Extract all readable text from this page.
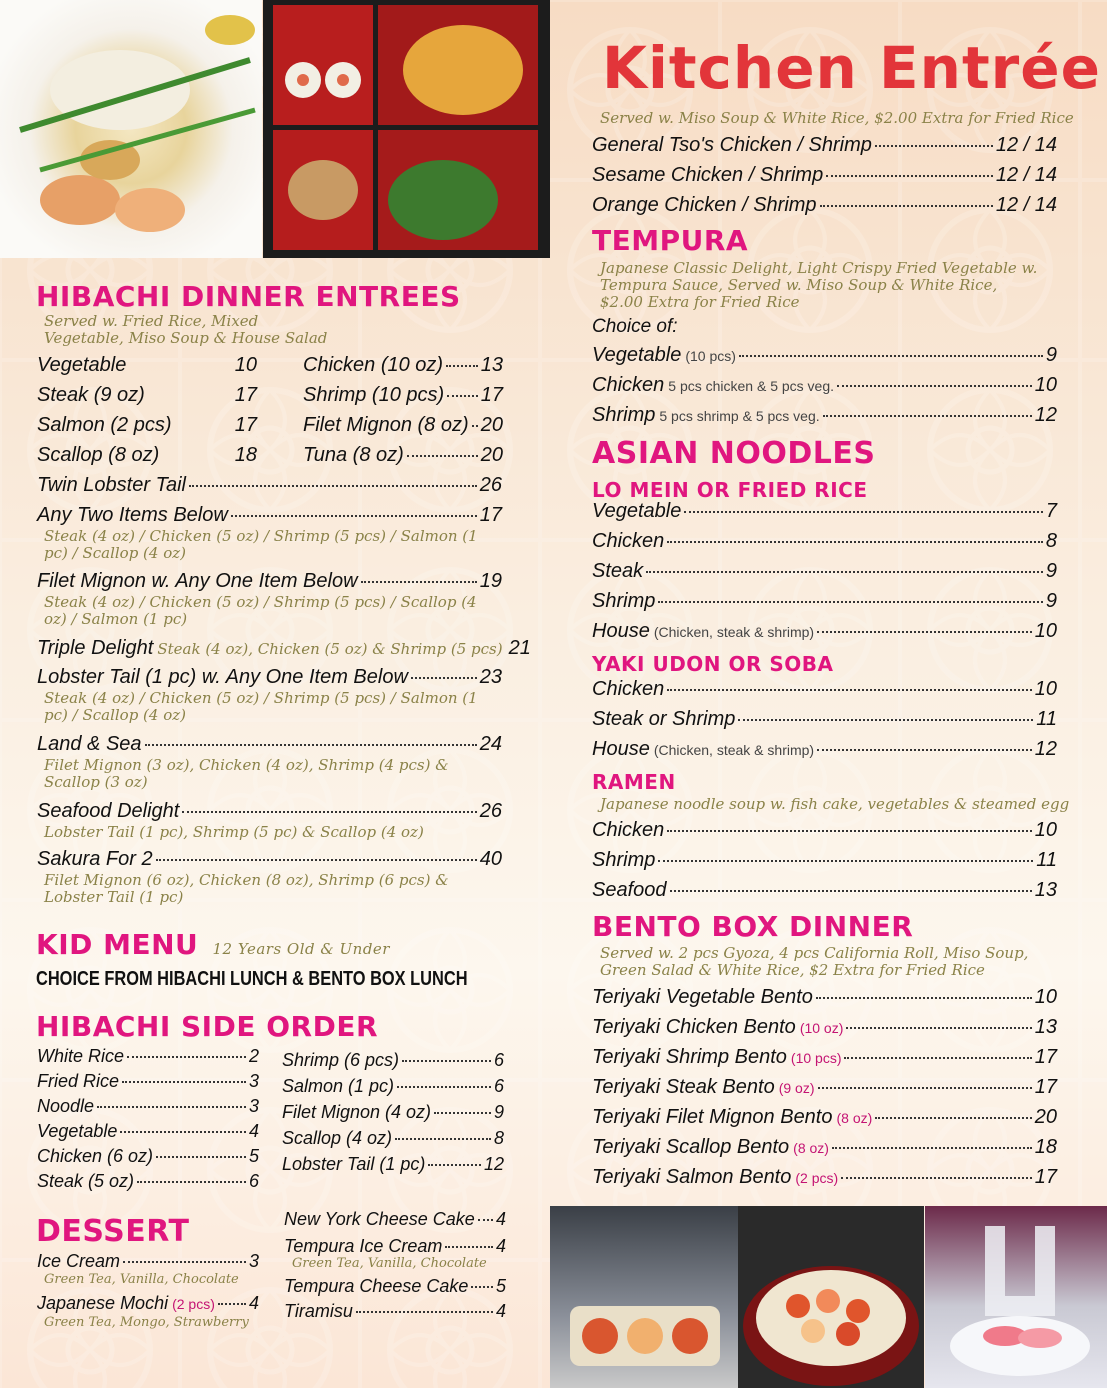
Kitchen Entrée
Served w. Miso Soup & White Rice, $2.00 Extra for Fried Rice
General Tso's Chicken / Shrimp	12 / 14
Sesame Chicken / Shrimp	12 / 14
Orange Chicken / Shrimp	12 / 14
TEMPURA
Japanese Classic Delight, Light Crispy Fried Vegetable w. Tempura Sauce, Served w. Miso Soup & White Rice, $2.00 Extra for Fried Rice
Choice of:
Vegetable (10 pcs)	9
Chicken 5 pcs chicken & 5 pcs veg.	10
Shrimp 5 pcs shrimp & 5 pcs veg.	12
ASIAN NOODLES
LO MEIN OR FRIED RICE
Vegetable	7
Chicken	8
Steak	9
Shrimp	9
House (Chicken, steak & shrimp)	10
YAKI UDON OR SOBA
Chicken	10
Steak or Shrimp	11
House (Chicken, steak & shrimp)	12
RAMEN
Japanese noodle soup w. fish cake, vegetables & steamed egg
Chicken	10
Shrimp	11
Seafood	13
BENTO BOX DINNER
Served w. 2 pcs Gyoza, 4 pcs California Roll, Miso Soup, Green Salad & White Rice, $2 Extra for Fried Rice
Teriyaki Vegetable Bento	10
Teriyaki Chicken Bento (10 oz)	13
Teriyaki Shrimp Bento (10 pcs)	17
Teriyaki Steak Bento (9 oz)	17
Teriyaki Filet Mignon Bento (8 oz)	20
Teriyaki Scallop Bento (8 oz)	18
Teriyaki Salmon Bento (2 pcs)	17
HIBACHI DINNER ENTREES
Served w. Fried Rice, Mixed Vegetable, Miso Soup & House Salad
Vegetable	10
Steak (9 oz)	17
Salmon (2 pcs)	17
Scallop (8 oz)	18
Chicken (10 oz) 13
Shrimp (10 pcs) 17
Filet Mignon (8 oz) 20
Tuna (8 oz)	20
Twin Lobster Tail	26
Any Two Items Below	17
Steak (4 oz) / Chicken (5 oz) / Shrimp (5 pcs) / Salmon (1 pc) / Scallop (4 oz)
Filet Mignon w. Any One Item Below	19
Steak (4 oz) / Chicken (5 oz) / Shrimp (5 pcs) / Scallop (4 oz) / Salmon (1 pc)
Lobster Tail (1 pc) w. Any One Item Below	23
Steak (4 oz) / Chicken (5 oz) / Shrimp (5 pcs) / Salmon (1 pc) / Scallop (4 oz)
Land & Sea	24
Filet Mignon (3 oz), Chicken (4 oz), Shrimp (4 pcs) & Scallop (3 oz)
Seafood Delight	26
Lobster Tail (1 pc), Shrimp (5 pc) & Scallop (4 oz)
Sakura For 2	40
Filet Mignon (6 oz), Chicken (8 oz), Shrimp (6 pcs) & Lobster Tail (1 pc)
Triple Delight Steak (4 oz), Chicken (5 oz) & Shrimp (5 pcs) 21
KID MENU 12 Years Old & Under
CHOICE FROM HIBACHI LUNCH & BENTO BOX LUNCH
HIBACHI SIDE ORDER
White Rice	2
Fried Rice	3
Noodle	3
Vegetable	4
Chicken (6 oz)	5
Steak (5 oz)	6
Shrimp (6 pcs)	6
Salmon (1 pc)	6
Filet Mignon (4 oz)	9
Scallop (4 oz)	8
Lobster Tail (1 pc)	12
DESSERT
Ice Cream	3
Green Tea, Vanilla, Chocolate
Japanese Mochi (2 pcs) 4
Green Tea, Mongo, Strawberry
New York Cheese Cake 4
Tempura Ice Cream	4
Green Tea, Vanilla, Chocolate
Tempura Cheese Cake 5
Tiramisu	4
